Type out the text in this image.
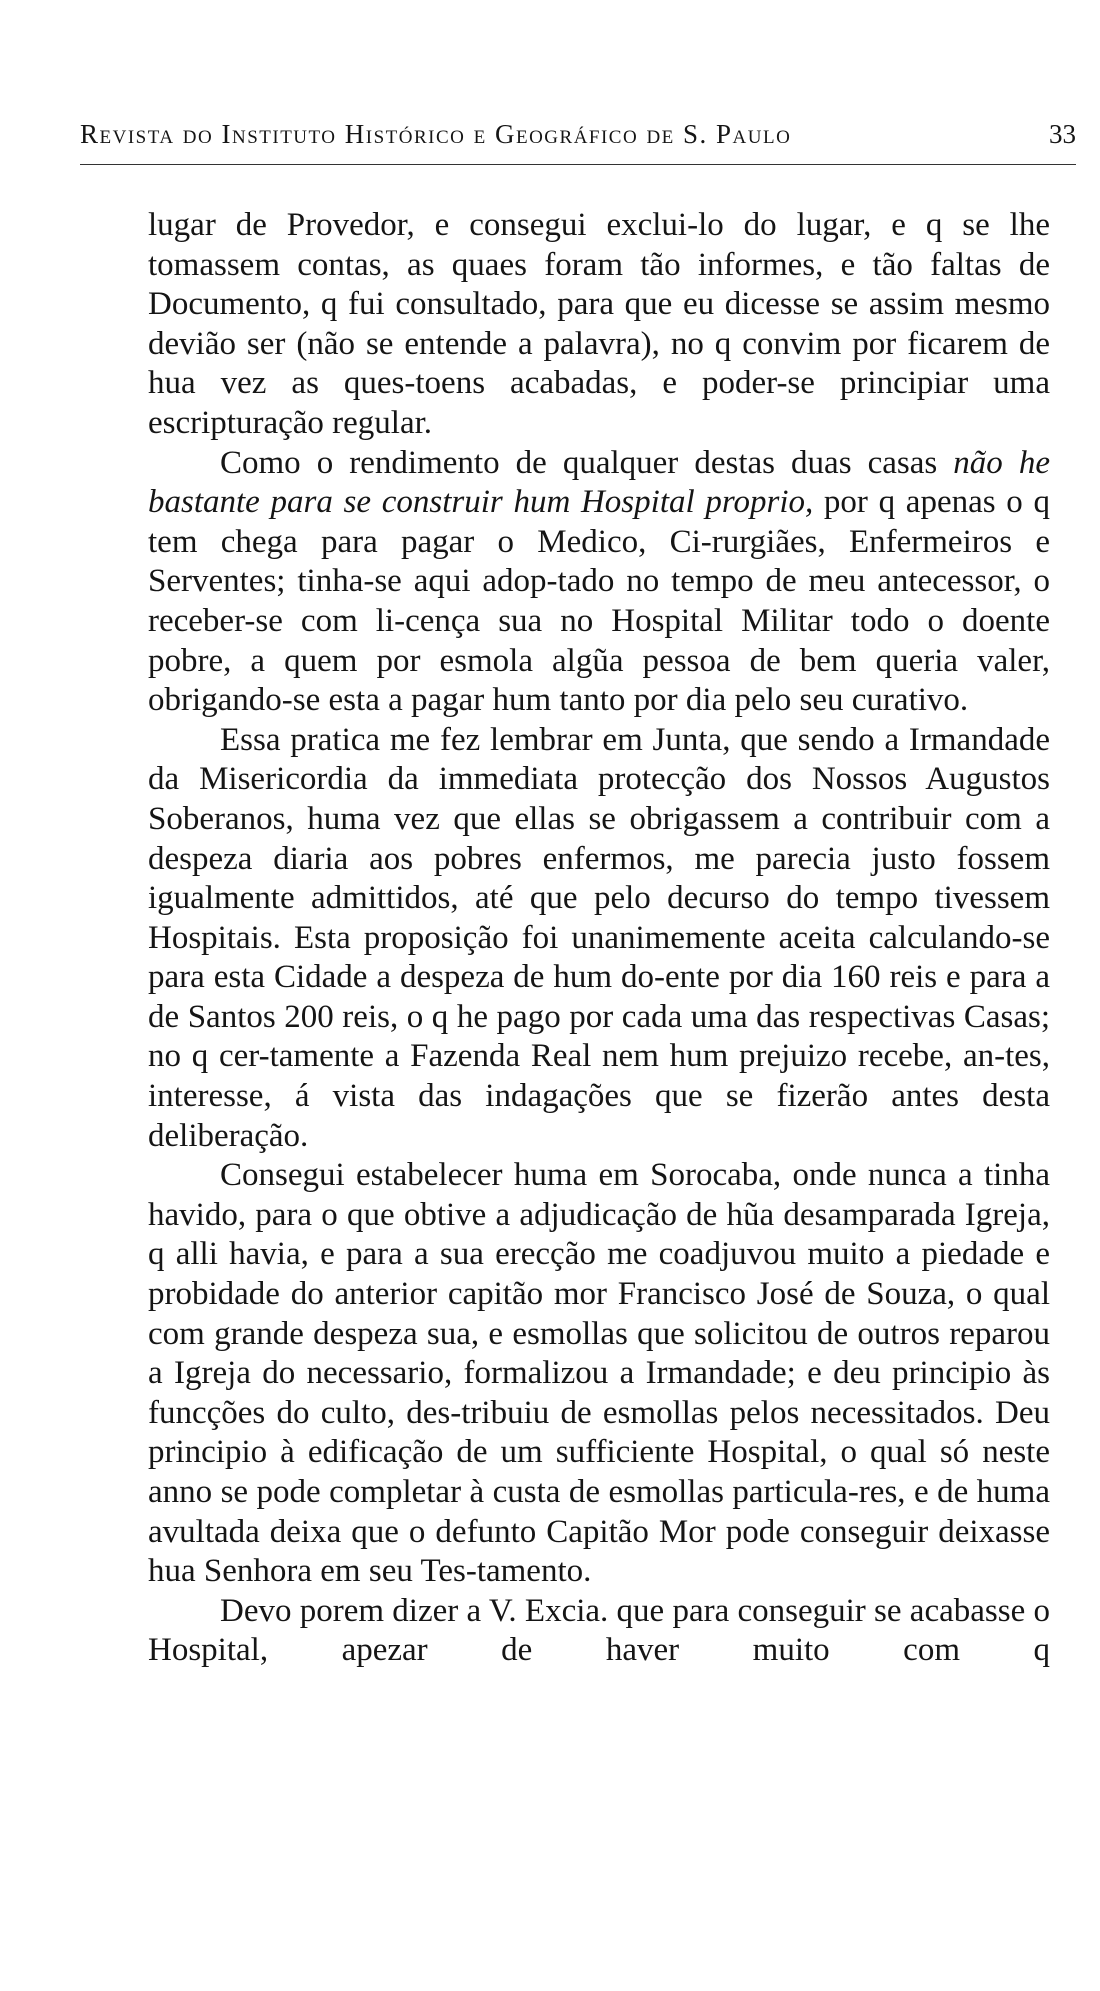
Revista do Instituto Histórico e Geográfico de S. Paulo	33

lugar de Provedor, e consegui exclui-lo do lugar, e q se lhe tomassem contas, as quaes foram tão informes, e tão faltas de Documento, q fui consultado, para que eu dicesse se assim mesmo devião ser (não se entende a palavra), no q convim por ficarem de hua vez as ques-toens acabadas, e poder-se principiar uma escripturação regular.

Como o rendimento de qualquer destas duas casas não he bastante para se construir hum Hospital proprio, por q apenas o q tem chega para pagar o Medico, Ci-rurgiães, Enfermeiros e Serventes; tinha-se aqui adop-tado no tempo de meu antecessor, o receber-se com li-cença sua no Hospital Militar todo o doente pobre, a quem por esmola algũa pessoa de bem queria valer, obrigando-se esta a pagar hum tanto por dia pelo seu curativo.

Essa pratica me fez lembrar em Junta, que sendo a Irmandade da Misericordia da immediata protecção dos Nossos Augustos Soberanos, huma vez que ellas se obrigassem a contribuir com a despeza diaria aos pobres enfermos, me parecia justo fossem igualmente admittidos, até que pelo decurso do tempo tivessem Hospitais. Esta proposição foi unanimemente aceita calculando-se para esta Cidade a despeza de hum do-ente por dia 160 reis e para a de Santos 200 reis, o q he pago por cada uma das respectivas Casas; no q cer-tamente a Fazenda Real nem hum prejuizo recebe, an-tes, interesse, á vista das indagações que se fizerão antes desta deliberação.

Consegui estabelecer huma em Sorocaba, onde nunca a tinha havido, para o que obtive a adjudicação de hũa desamparada Igreja, q alli havia, e para a sua erecção me coadjuvou muito a piedade e probidade do anterior capitão mor Francisco José de Souza, o qual com grande despeza sua, e esmollas que solicitou de outros reparou a Igreja do necessario, formalizou a Irmandade; e deu principio às funcções do culto, des-tribuiu de esmollas pelos necessitados. Deu principio à edificação de um sufficiente Hospital, o qual só neste anno se pode completar à custa de esmollas particula-res, e de huma avultada deixa que o defunto Capitão Mor pode conseguir deixasse hua Senhora em seu Tes-tamento.

Devo porem dizer a V. Excia. que para conseguir se acabasse o Hospital, apezar de haver muito com q
